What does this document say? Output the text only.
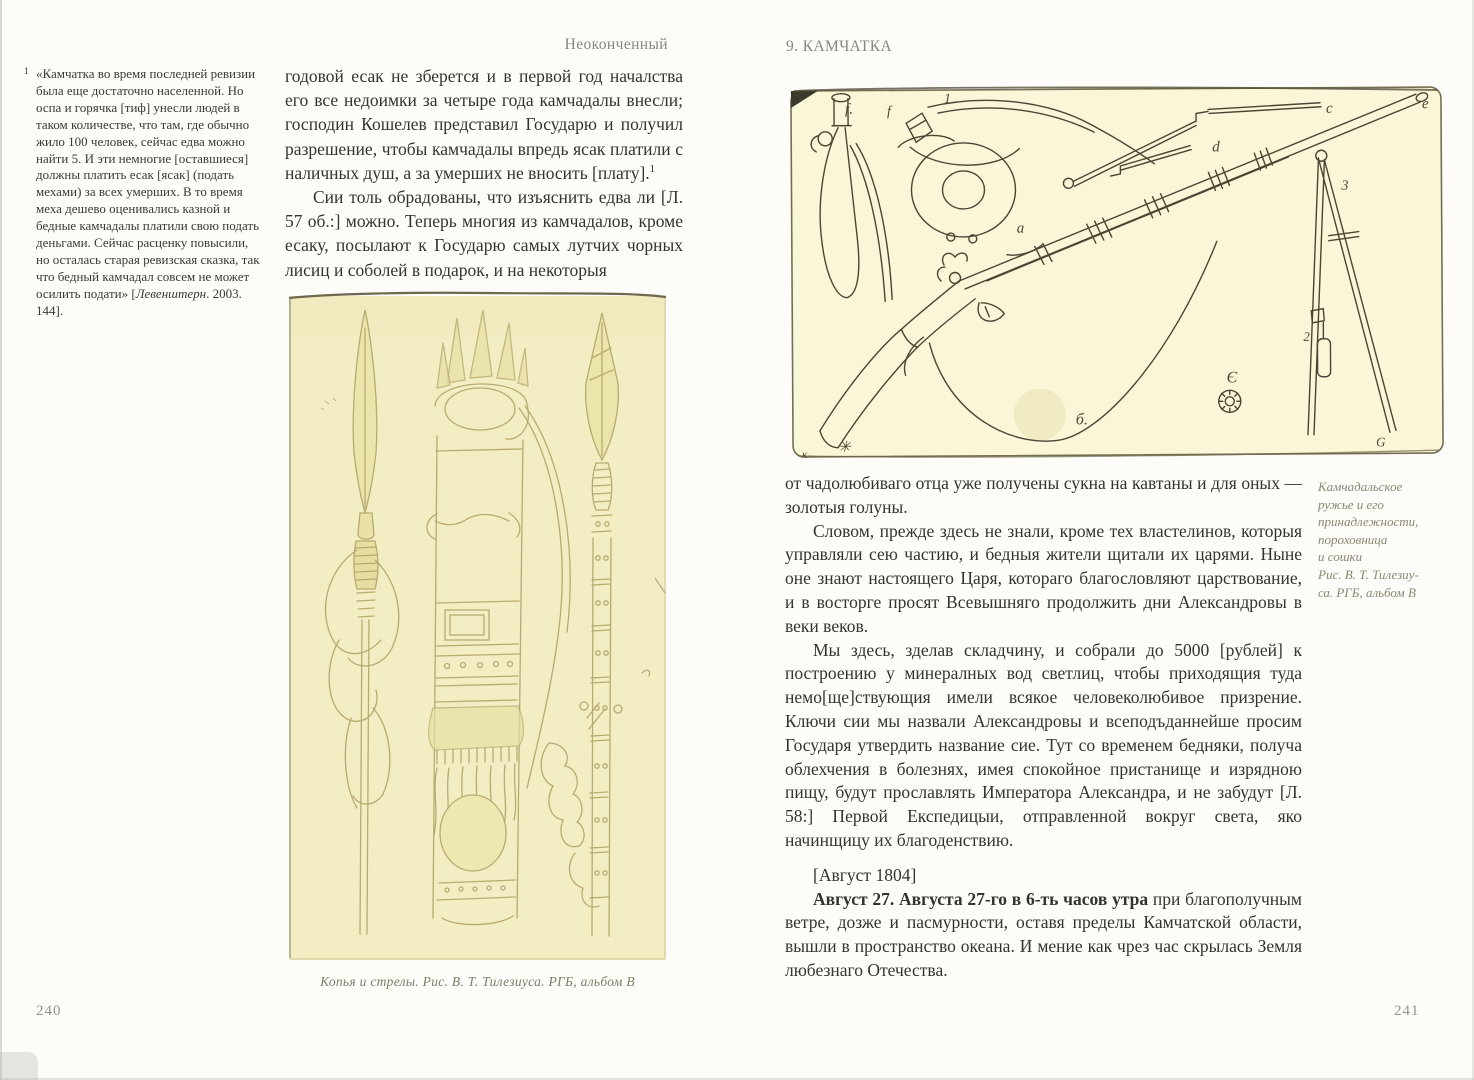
Неоконченный
1 «Камчатка во время последней ревизии была еще достаточно населенной. Но оспа и горячка [тиф] унесли людей в таком количестве, что там, где обычно жило 100 человек, сейчас едва можно найти 5. И эти немногие [оставшиеся] должны платить есак [ясак] (подать мехами) за всех умерших. В то время меха дешево оценивались казной и бедные камчадалы платили свою подать деньгами. Сейчас расценку повысили, но осталась старая ревизская сказка, так что бедный камчадал совсем не может осилить подати» [Левенштерн. 2003. 144].

годовой есак не зберется и в первой год началства его все недоимки за четыре года камчадалы внесли; господин Кошелев представил Государю и получил разрешение, чтобы камчадалы впредь ясак платили с наличных душ, а за умерших не вносить [плату].$^1$

Сии толь обрадованы, что изъяснить едва ли [Л. 57 об.:] можно. Теперь многия из камчадалов, кроме есаку, посылают к Государю самых лутчих чорных лисиц и соболей в подарок, и на некоторыя

Копья и стрелы. Рис. В. Т. Тилезиуса. РГБ, альбом В
240
9. КАМЧАТКА
f. f
1
c	e
d
a
2
3
б.
Є
✳
к
G
Камчадальское
ружье и его
принадлежности,
пороховница
и сошки
Рис. В. Т. Тилезиу-
са. РГБ, альбом В

от чадолюбиваго отца уже получены сукна на кавтаны и для оных — золотыя голуны.

Словом, прежде здесь не знали, кроме тех властелинов, которыя управляли сею частию, и бедныя жители щитали их царями. Ныне оне знают настоящего Царя, котораго благословляют царствование, и в восторге просят Всевышняго продолжить дни Александровы в веки веков.

Мы здесь, зделав складчину, и собрали до 5000 [рублей] к построению у минералных вод светлиц, чтобы приходящия туда немо[ще]ствующия имели всякое человеколюбивое призрение. Ключи сии мы назвали Александровы и всеподъданнейше просим Государя утвердить название сие. Тут со временем бедняки, получа облехчения в болезнях, имея спокойное пристанище и изрядною пищу, будут прославлять Императора Александра, и не забудут [Л. 58:] Первой Експедицыи, отправленной вокруг света, яко начинщицу их благоденствию.

[Август 1804]

Август 27. Августа 27-го в 6-ть часов утра при благополучным ветре, дозже и пасмурности, оставя пределы Камчатской области, вышли в пространство океана. И мение как чрез час скрылась Земля любезнаго Отечества.

241
